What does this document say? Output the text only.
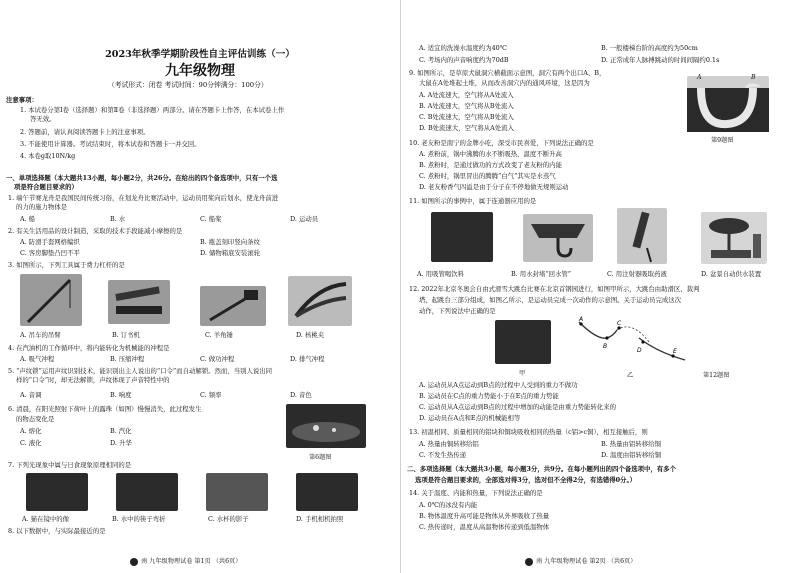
2023年秋季学期阶段性自主评估训练（一）
九年级物理
（考试形式：闭卷 考试时间：90分钟满分：100分）
注意事项：
1. 本试卷分第Ⅰ卷（选择题）和第Ⅱ卷（非选择题）两部分。请在答题卡上作答，在本试卷上作
答无效。
2. 答题前，请认真阅读答题卡上的注意事项。
3. 不能使用计算器。考试结束时，将本试卷和答题卡一并交回。
4. 本卷g取10N/kg
一、单项选择题（本大题共13小题，每小题2分，共26分。在给出的四个备选项中，只有一个选
项是符合题目要求的）
1. 端午节赛龙舟是我国民间传统习俗，在划龙舟比赛活动中，运动员用桨向后划水，使龙舟前进
的力的施力物体是
A. 船	B. 水	C. 船桨	D. 运动员
2. 有关生活用品的设计制造，采取的技术手段能减小摩擦的是
A. 防滑手套网格编织	B. 瓶盖刻印竖向条纹
C. 客房脚垫凸凹不平	D. 储物箱底安装滚轮
3. 如图所示，下列工具属于费力杠杆的是
A. 吊车的吊臂	B. 订书机	C. 羊角锤	D. 核桃夹
4. 在汽油机的工作循环中，将内能转化为机械能的冲程是
A. 吸气冲程	B. 压缩冲程	C. 做功冲程	D. 排气冲程
5. “声纹锁”运用声纹识别技术，能识别出主人说出的“口令”而自动解锁。然而，当别人说出同
样的“口令”时，却无法解锁，声纹体现了声音特性中的
A. 音调	B. 响度	C. 频率	D. 音色
6. 清晨，在阳光照射下荷叶上的露珠（如图）慢慢消失，此过程发生
的物态变化是
A. 熔化	B. 汽化
C. 液化	D. 升华
第6题图
7. 下列光现象中属与日食现象原理相同的是
A. 猫在镜中的像	B. 水中的筷子弯折	C. 水杯的影子	D. 手机相机拍照
8. 以下数据中，与实际最接近的是
南 九年级物理试卷 第1页 （共6页）
A. 适宜的洗澡水温度约为40℃	B. 一般楼梯台阶的高度约为50cm
C. 考场内的声音响度约为70dB	D. 正常成年人脉搏跳动的时间间隔约0.1s
9. 如图所示，是草原犬鼠洞穴横截面示意图，洞穴有两个出口A、B，
大鼠在A处堆起土堆，从而改善洞穴内的通风环境，这是因为
A. A处流速大，空气将从A处流入
B. A处流速大，空气将从B处流入
C. B处流速大，空气将从B处流入
D. B处流速大，空气将从A处流入
A	B
第9题图
10. 老友粉是南宁的金牌小吃，深受市民喜爱，下列说法正确的是
A. 煮粉前，锅中沸腾的水不断吸热，温度不断升高
B. 煮粉时，是通过做功的方式改变了老友粉的内能
C. 煮粉时，锅里冒出的腾腾“白气”其实是水蒸气
D. 老友粉香气四溢是由于分子在不停地做无规则运动
11. 如图所示的事例中，属于连通器应用的是
A. 用吸管喝饮料	B. 用水封堵“回水管”	C. 用注射器吸取药液	D. 盆景自动供水装置
12. 2022年北京冬奥会自由式滑雪大跳台比赛在北京首钢园进行，如图甲所示，大跳台由助滑区、裁判
塔、起跳台三部分组成，如图乙所示，是运动员完成一次动作的示意图。关于运动员完成这次
动作，下列说法中正确的是
甲
A
B
C
D	E
乙	第12题图
A. 运动员从A点运动到B点的过程中人受到的重力不做功
B. 运动员在C点的重力势能小于在E点的重力势能
C. 运动员从A点运动到B点的过程中增加的动能是由重力势能转化来的
D. 运动员在A点和E点的机械能相等
13. 初温相同、质量相同的铝块和铜块吸收相同的热量（c铝>c铜），相互接触后，则
A. 热量由铜转移给铝	B. 热量由铝转移给铜
C. 不发生热传递	D. 温度由铝转移给铜
二、多项选择题（本大题共3小题，每小题3分，共9分。在每小题列出的四个备选项中，有多个
选项是符合题目要求的，全部选对得3分，选对但不全得2分，有选错得0分。）
14. 关于温度、内能和热量，下列说法正确的是
A. 0℃的冰没有内能
B. 物体温度升高可能是物体从外界吸收了热量
C. 热传递时，温度从高温物体传递到低温物体
南 九年级物理试卷 第2页 （共6页）
